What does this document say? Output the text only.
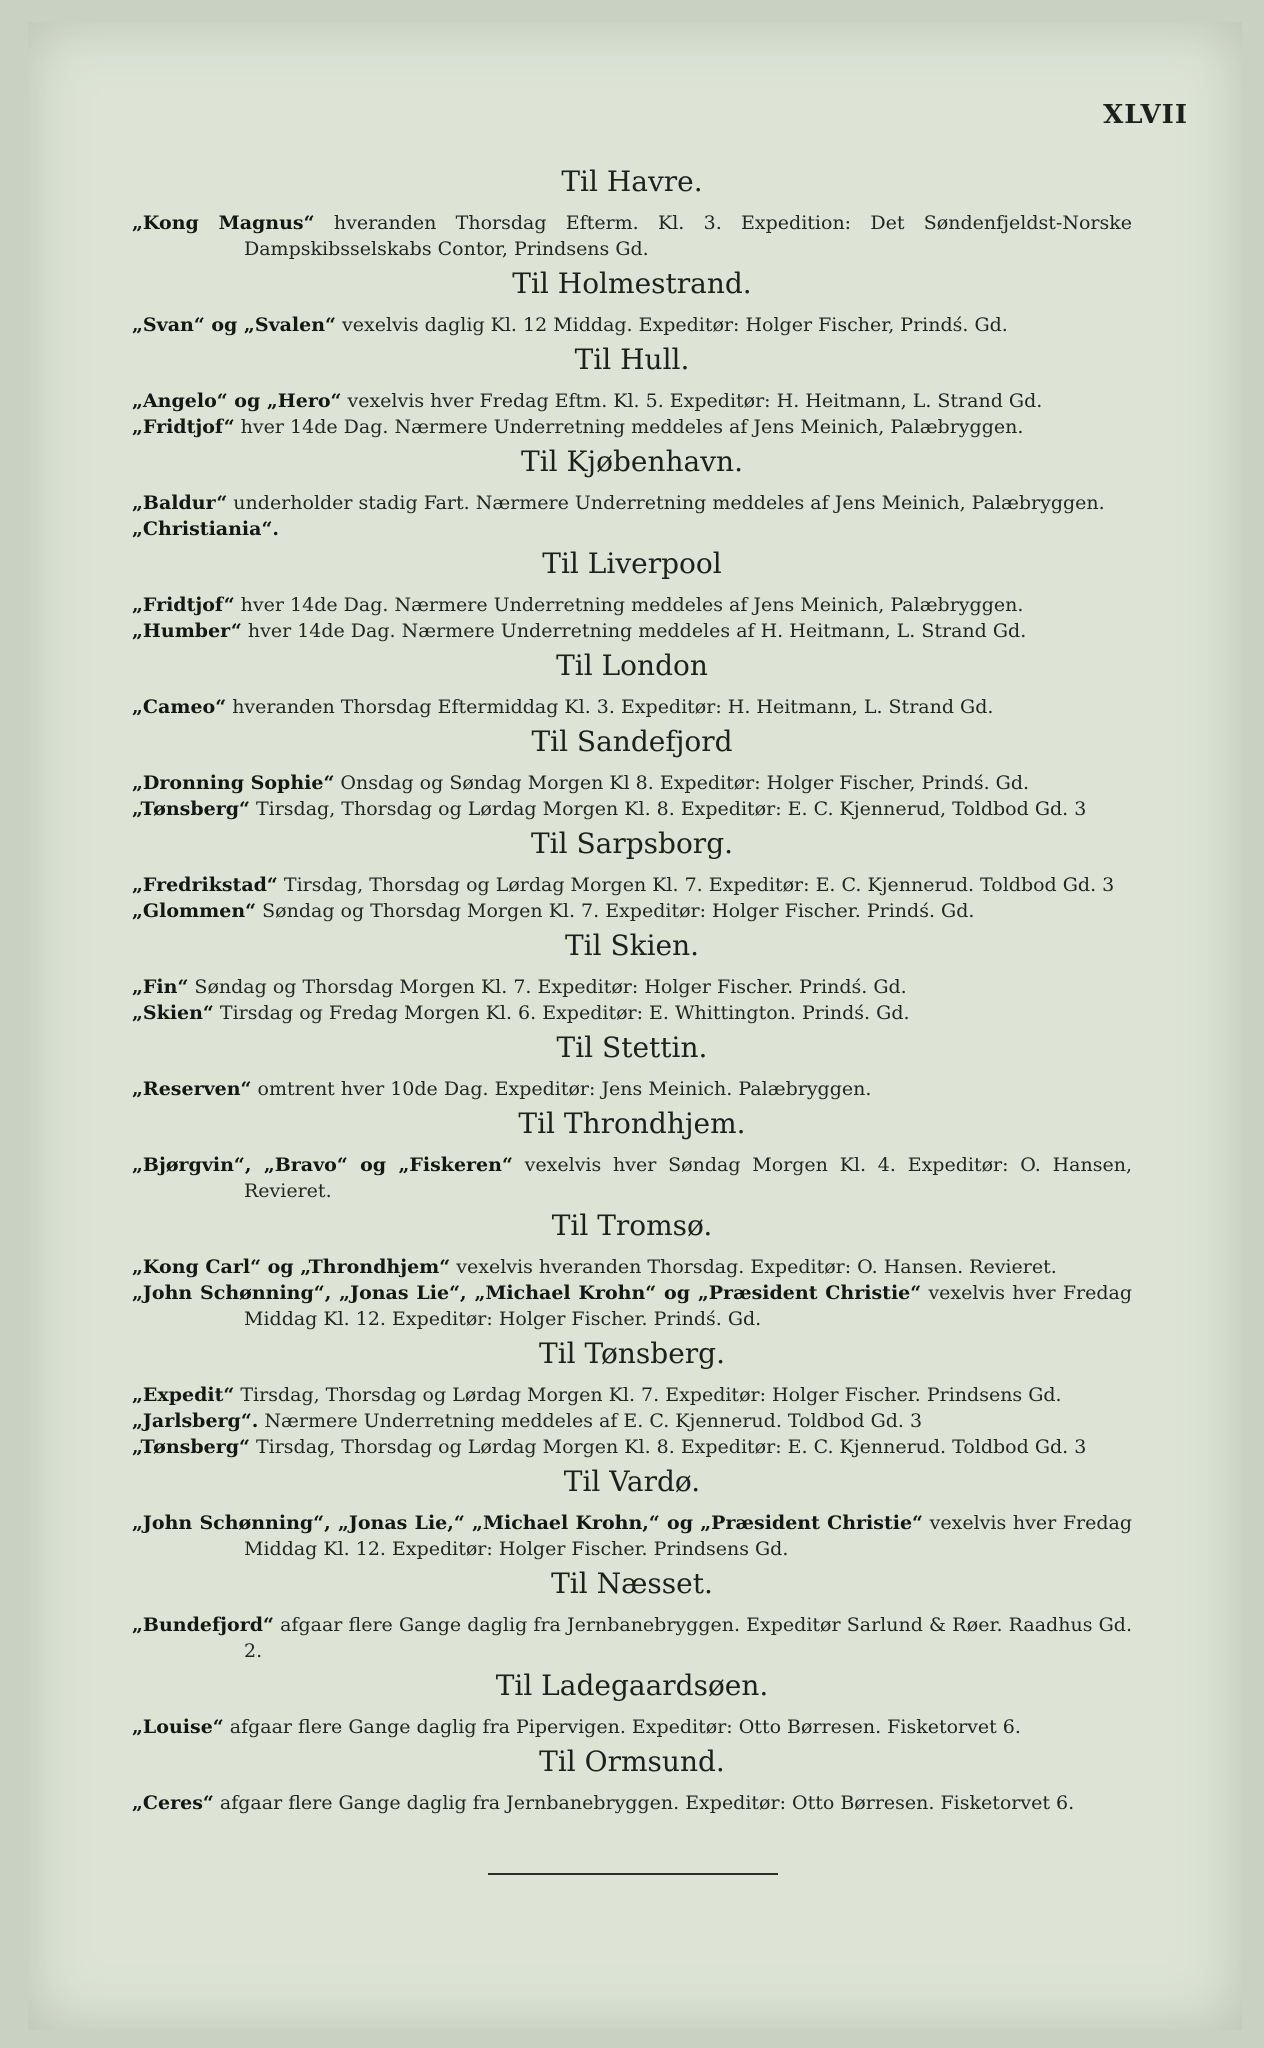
XLVII
Til Havre.

„Kong Magnus“ hveranden Thorsdag Efterm. Kl. 3. Expedition: Det Søndenfjeldst-Norske Dampskibsselskabs Contor, Prindsens Gd.

Til Holmestrand.

„Svan“ og „Svalen“ vexelvis daglig Kl. 12 Middag. Expeditør: Holger Fischer, Prindś. Gd.

Til Hull.

„Angelo“ og „Hero“ vexelvis hver Fredag Eftm. Kl. 5. Expeditør: H. Heitmann, L. Strand Gd.

„Fridtjof“ hver 14de Dag. Nærmere Underretning meddeles af Jens Meinich, Palæbryggen.

Til Kjøbenhavn.

„Baldur“ underholder stadig Fart. Nærmere Underretning meddeles af Jens Meinich, Palæbryggen.

„Christiania“.

Til Liverpool

„Fridtjof“ hver 14de Dag. Nærmere Underretning meddeles af Jens Meinich, Palæbryggen.

„Humber“ hver 14de Dag. Nærmere Underretning meddeles af H. Heitmann, L. Strand Gd.

Til London

„Cameo“ hveranden Thorsdag Eftermiddag Kl. 3. Expeditør: H. Heitmann, L. Strand Gd.

Til Sandefjord

„Dronning Sophie“ Onsdag og Søndag Morgen Kl 8. Expeditør: Holger Fischer, Prindś. Gd.

„Tønsberg“ Tirsdag, Thorsdag og Lørdag Morgen Kl. 8. Expeditør: E. C. Kjennerud, Toldbod Gd. 3

Til Sarpsborg.

„Fredrikstad“ Tirsdag, Thorsdag og Lørdag Morgen Kl. 7. Expeditør: E. C. Kjennerud. Toldbod Gd. 3

„Glommen“ Søndag og Thorsdag Morgen Kl. 7. Expeditør: Holger Fischer. Prindś. Gd.

Til Skien.

„Fin“ Søndag og Thorsdag Morgen Kl. 7. Expeditør: Holger Fischer. Prindś. Gd.

„Skien“ Tirsdag og Fredag Morgen Kl. 6. Expeditør: E. Whittington. Prindś. Gd.

Til Stettin.

„Reserven“ omtrent hver 10de Dag. Expeditør: Jens Meinich. Palæbryggen.

Til Throndhjem.

„Bjørgvin“, „Bravo“ og „Fiskeren“ vexelvis hver Søndag Morgen Kl. 4. Expeditør: O. Hansen, Revieret.

Til Tromsø.

„Kong Carl“ og „Throndhjem“ vexelvis hveranden Thorsdag. Expeditør: O. Hansen. Revieret.

„John Schønning“, „Jonas Lie“, „Michael Krohn“ og „Præsident Christie“ vexelvis hver Fredag Middag Kl. 12. Expeditør: Holger Fischer. Prindś. Gd.

Til Tønsberg.

„Expedit“ Tirsdag, Thorsdag og Lørdag Morgen Kl. 7. Expeditør: Holger Fischer. Prindsens Gd.

„Jarlsberg“. Nærmere Underretning meddeles af E. C. Kjennerud. Toldbod Gd. 3

„Tønsberg“ Tirsdag, Thorsdag og Lørdag Morgen Kl. 8. Expeditør: E. C. Kjennerud. Toldbod Gd. 3

Til Vardø.

„John Schønning“, „Jonas Lie,“ „Michael Krohn,“ og „Præsident Christie“ vexelvis hver Fredag Middag Kl. 12. Expeditør: Holger Fischer. Prindsens Gd.

Til Næsset.

„Bundefjord“ afgaar flere Gange daglig fra Jernbanebryggen. Expeditør Sarlund & Røer. Raadhus Gd. 2.

Til Ladegaardsøen.

„Louise“ afgaar flere Gange daglig fra Pipervigen. Expeditør: Otto Børresen. Fisketorvet 6.

Til Ormsund.

„Ceres“ afgaar flere Gange daglig fra Jernbanebryggen. Expeditør: Otto Børresen. Fisketorvet 6.
